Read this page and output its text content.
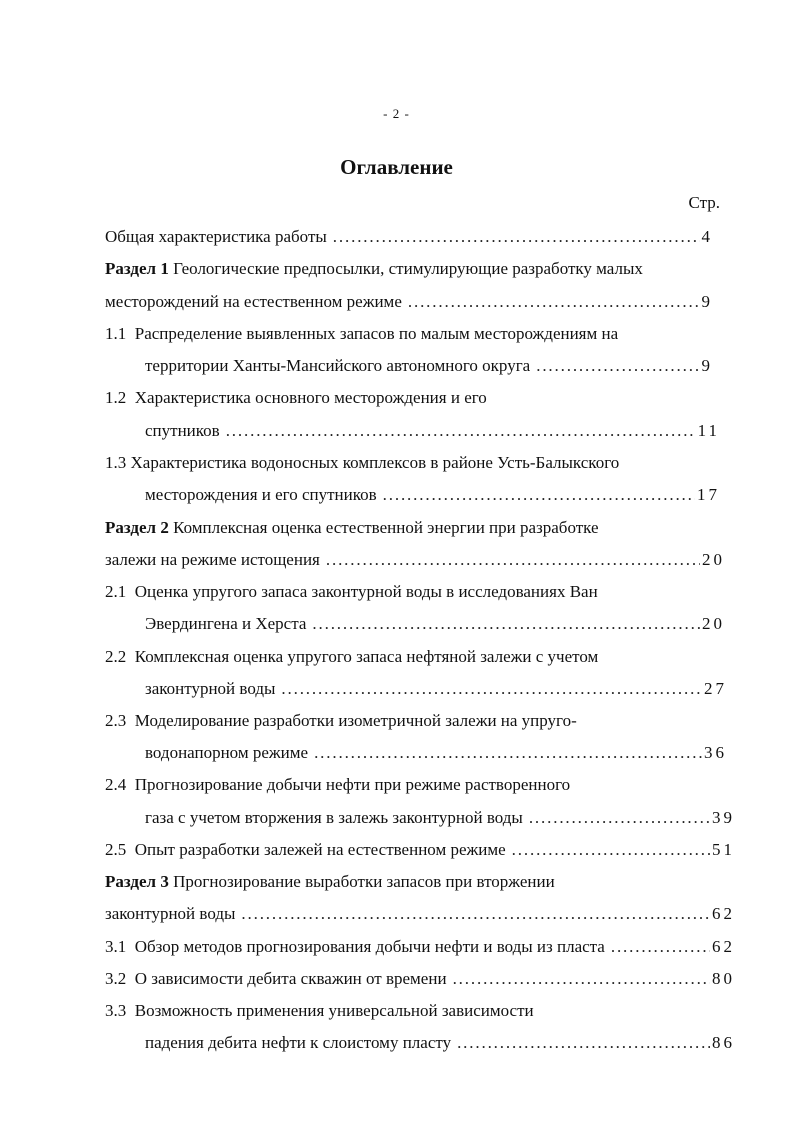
- 2 -
Оглавление
Стр.
Общая характеристика работы . . .	4
Раздел 1
Геологические предпосылки, стимулирующие разработку малых
месторождений на естественном режиме . . .	9
1.1
Распределение выявленных запасов по малым месторождениям на
территории Ханты-Мансийского автономного округа . . .	9
1.2
Характеристика основного месторождения и его
спутников . . .	11
1.3
Характеристика водоносных комплексов в районе Усть-Балыкского
месторождения и его спутников . . .	17
Раздел 2
Комплексная оценка естественной энергии при разработке
залежи на режиме истощения . . .	20
2.1
Оценка упругого запаса законтурной воды в исследованиях Ван
Эвердингена и Херста . . .	20
2.2
Комплексная оценка упругого запаса нефтяной залежи с учетом
законтурной воды . . .	27
2.3
Моделирование разработки изометричной залежи на упруго-
водонапорном режиме . . .	36
2.4
Прогнозирование добычи нефти при режиме растворенного
газа с учетом вторжения в залежь законтурной воды . . .	39
2.5
Опыт разработки залежей на естественном режиме . . .	51
Раздел 3
Прогнозирование выработки запасов при вторжении
законтурной воды . . .	62
3.1
Обзор методов прогнозирования добычи нефти и воды из пласта . . .	62
3.2
О зависимости дебита скважин от времени . . .	80
3.3
Возможность применения универсальной зависимости
падения дебита нефти к слоистому пласту . . .	86
